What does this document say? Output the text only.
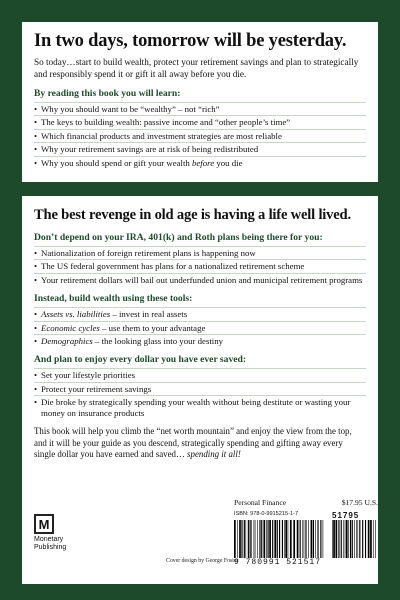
In two days, tomorrow will be yesterday.

So today…start to build wealth, protect your retirement savings and plan to strategically and responsibly spend it or gift it all away before you die.

By reading this book you will learn:
• Why you should want to be “wealthy” – not “rich”
• The keys to building wealth: passive income and “other people’s time”
• Which financial products and investment strategies are most reliable
• Why your retirement savings are at risk of being redistributed
• Why you should spend or gift your wealth before you die
The best revenge in old age is having a life well lived.
Don’t depend on your IRA, 401(k) and Roth plans being there for you:
• Nationalization of foreign retirement plans is happening now
• The US federal government has plans for a nationalized retirement scheme
• Your retirement dollars will bail out underfunded union and municipal retirement programs
Instead, build wealth using these tools:
• Assets vs. liabilities – invest in real assets
• Economic cycles – use them to your advantage
• Demographics – the looking glass into your destiny
And plan to enjoy every dollar you have ever saved:
• Set your lifestyle priorities
• Protect your retirement savings
• Die broke by strategically spending your wealth without being destitute or wasting your money on insurance products

This book will help you climb the “net worth mountain” and enjoy the view from the top, and it will be your guide as you descend, strategically spending and gifting away every single dollar you have earned and saved… spending it all!

M
Monetary
Publishing
Cover design by George Foster
Personal Finance	$17.95 U.S.
ISBN: 978-0-9915215-1-7	51795
9 780991 521517
